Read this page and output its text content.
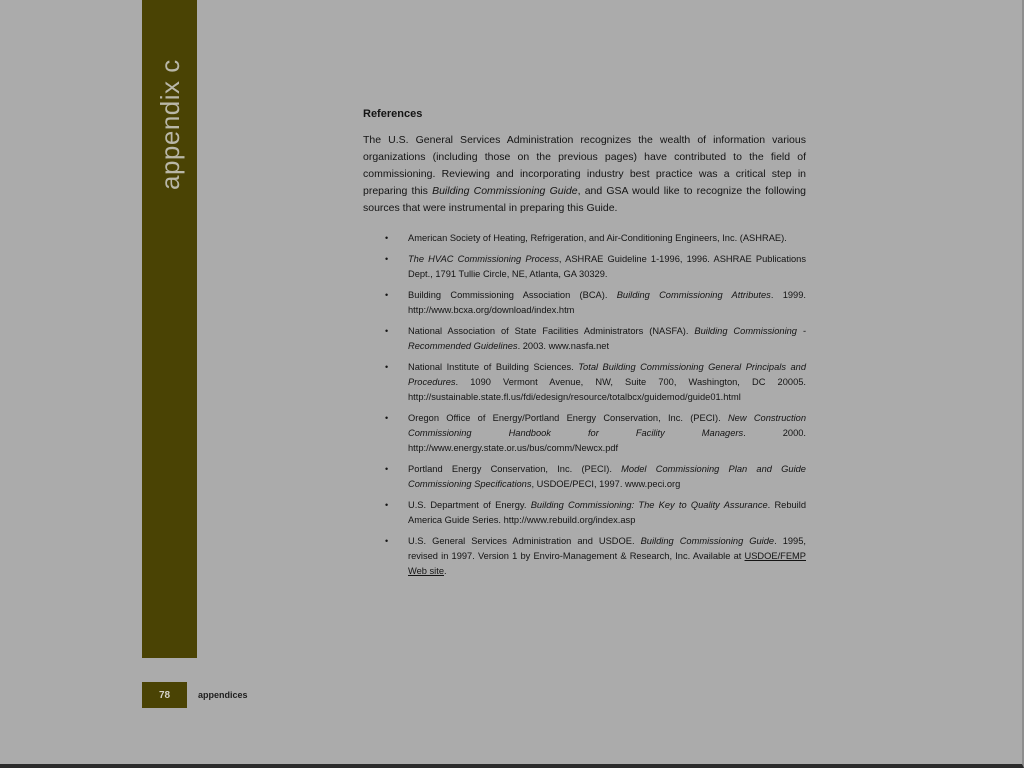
appendix c	References

The U.S. General Services Administration recognizes the wealth of information various organizations (including those on the previous pages) have contributed to the field of commissioning. Reviewing and incorporating industry best practice was a critical step in preparing this Building Commissioning Guide, and GSA would like to recognize the following sources that were instrumental in preparing this Guide.

• American Society of Heating, Refrigeration, and Air-Conditioning Engineers, Inc. (ASHRAE).
• The HVAC Commissioning Process, ASHRAE Guideline 1-1996, 1996. ASHRAE Publications Dept., 1791 Tullie Circle, NE, Atlanta, GA 30329.
• Building Commissioning Association (BCA). Building Commissioning Attributes. 1999. http://www.bcxa.org/download/index.htm
• National Association of State Facilities Administrators (NASFA). Building Commissioning - Recommended Guidelines. 2003. www.nasfa.net
• National Institute of Building Sciences. Total Building Commissioning General Principals and Procedures. 1090 Vermont Avenue, NW, Suite 700, Washington, DC 20005. http://sustainable.state.fl.us/fdi/edesign/resource/totalbcx/guidemod/guide01.html
• Oregon Office of Energy/Portland Energy Conservation, Inc. (PECI). New Construction Commissioning Handbook for Facility Managers. 2000. http://www.energy.state.or.us/bus/comm/Newcx.pdf
• Portland Energy Conservation, Inc. (PECI). Model Commissioning Plan and Guide Commissioning Specifications, USDOE/PECI, 1997. www.peci.org
• U.S. Department of Energy. Building Commissioning: The Key to Quality Assurance. Rebuild America Guide Series. http://www.rebuild.org/index.asp
• U.S. General Services Administration and USDOE. Building Commissioning Guide. 1995, revised in 1997. Version 1 by Enviro-Management & Research, Inc. Available at USDOE/FEMP Web site.
78	appendices
